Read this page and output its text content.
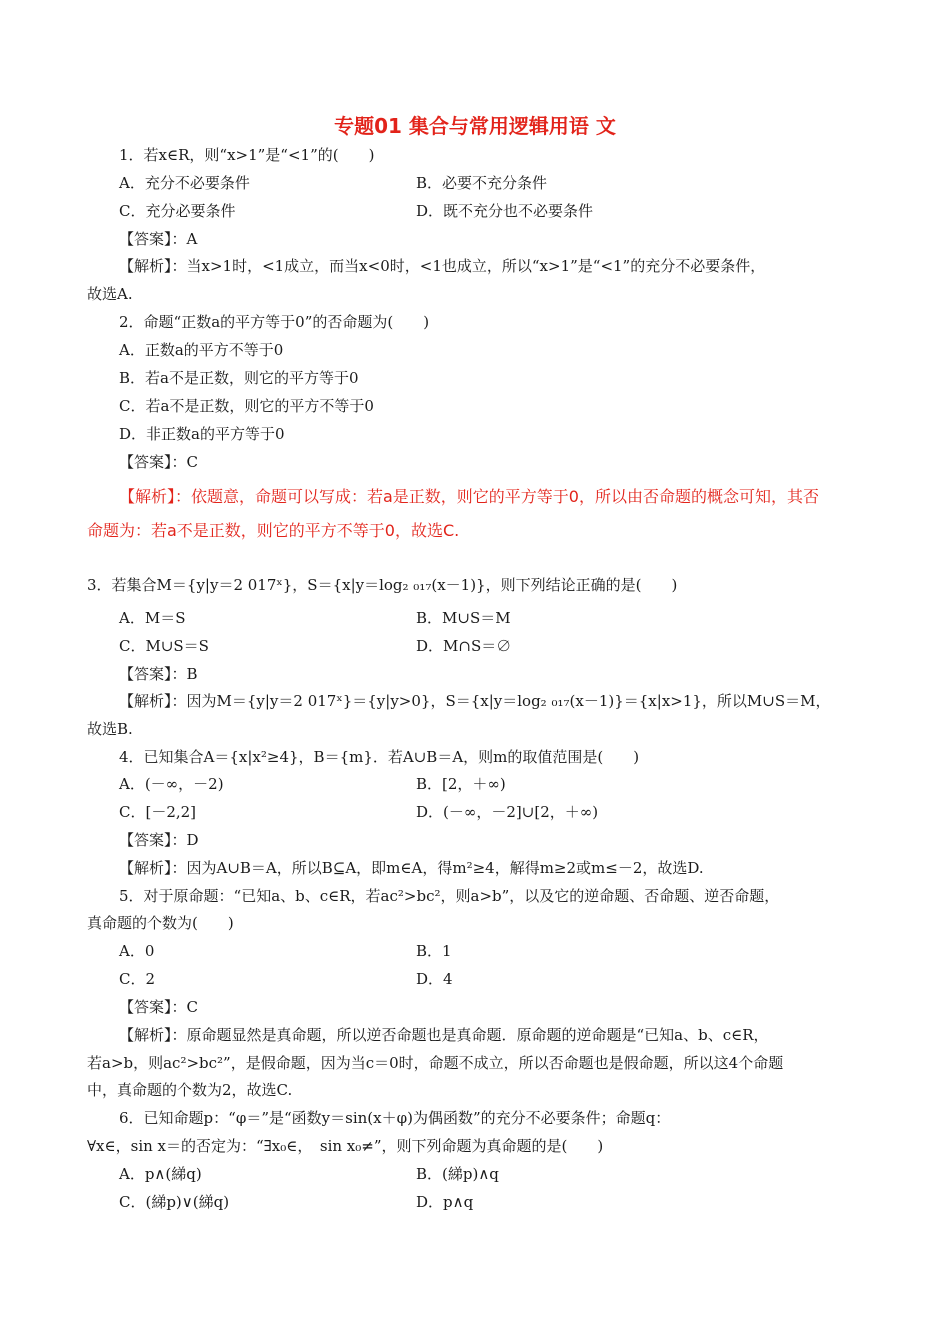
专题01 集合与常用逻辑用语 文
1．若x∈R，则“x>1”是“<1”的(　　)
A．充分不必要条件	B．必要不充分条件
C．充分必要条件	D．既不充分也不必要条件
【答案】：A
【解析】：当x>1时，<1成立，而当x<0时，<1也成立，所以“x>1”是“<1”的充分不必要条件，
故选A.
2．命题“正数a的平方等于0”的否命题为(　　)
A．正数a的平方不等于0
B．若a不是正数，则它的平方等于0
C．若a不是正数，则它的平方不等于0
D．非正数a的平方等于0
【答案】：C
【解析】：依题意，命题可以写成：若a是正数，则它的平方等于0，所以由否命题的概念可知，其否
命题为：若a不是正数，则它的平方不等于0，故选C.
3．若集合M＝{y|y＝2 017ˣ}，S＝{x|y＝log₂ ₀₁₇(x－1)}，则下列结论正确的是(　　)
A．M＝S	B．M∪S＝M
C．M∪S＝S	D．M∩S＝∅
【答案】：B
【解析】：因为M＝{y|y＝2 017ˣ}＝{y|y>0}，S＝{x|y＝log₂ ₀₁₇(x－1)}＝{x|x>1}，所以M∪S＝M，
故选B.
4．已知集合A＝{x|x²≥4}，B＝{m}．若A∪B＝A，则m的取值范围是(　　)
A．(－∞，－2)	B．[2，＋∞)
C．[－2,2]	D．(－∞，－2]∪[2，＋∞)
【答案】：D
【解析】：因为A∪B＝A，所以B⊆A，即m∈A，得m²≥4，解得m≥2或m≤－2，故选D.
5．对于原命题：“已知a、b、c∈R，若ac²>bc²，则a>b”，以及它的逆命题、否命题、逆否命题，
真命题的个数为(　　)
A．0	B．1
C．2	D．4
【答案】：C
【解析】：原命题显然是真命题，所以逆否命题也是真命题．原命题的逆命题是“已知a、b、c∈R，
若a>b，则ac²>bc²”，是假命题，因为当c＝0时，命题不成立，所以否命题也是假命题，所以这4个命题
中，真命题的个数为2，故选C.
6．已知命题p：“φ＝”是“函数y＝sin(x＋φ)为偶函数”的充分不必要条件；命题q：
∀x∈，sin x＝的否定为：“∃x₀∈，　sin x₀≠”，则下列命题为真命题的是(　　)
A．p∧(綈q)	B．(綈p)∧q
C．(綈p)∨(綈q)	D．p∧q
